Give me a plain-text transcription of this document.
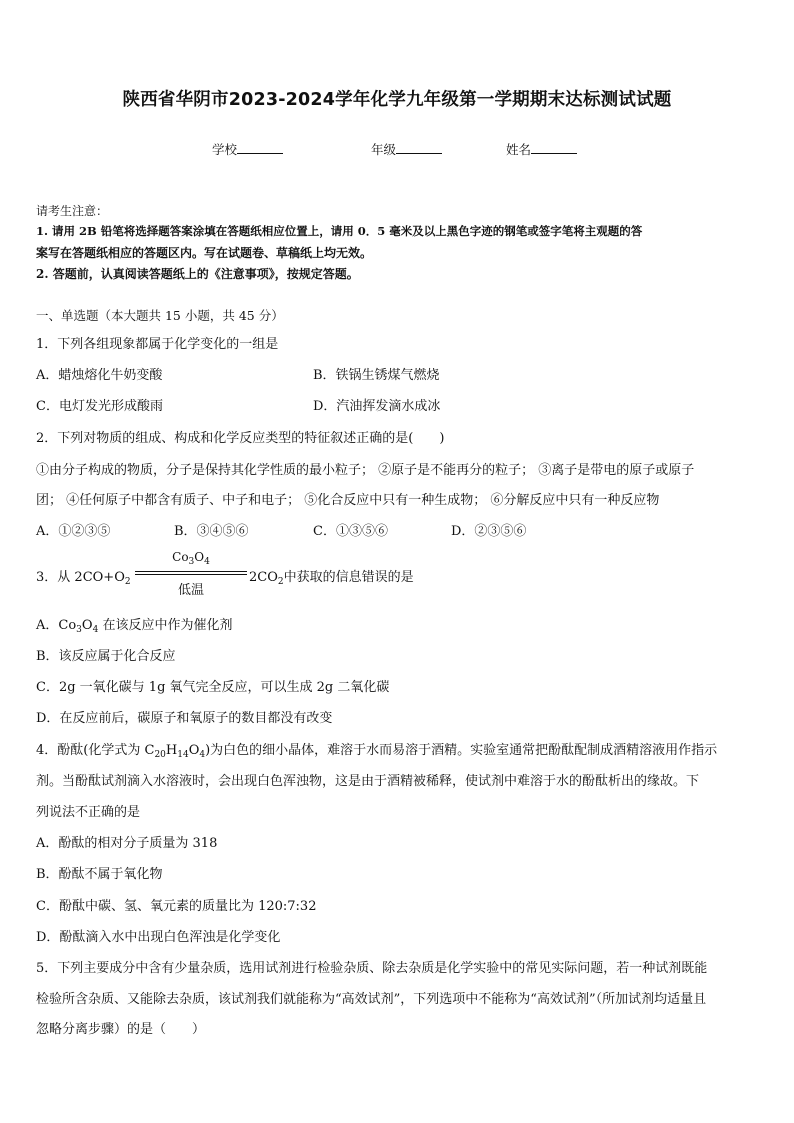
陕西省华阴市2023-2024学年化学九年级第一学期期末达标测试试题
学校	年级	姓名
请考生注意：
1. 请用 2B 铅笔将选择题答案涂填在答题纸相应位置上，请用 0．5 毫米及以上黑色字迹的钢笔或签字笔将主观题的答
案写在答题纸相应的答题区内。写在试题卷、草稿纸上均无效。
2. 答题前，认真阅读答题纸上的《注意事项》，按规定答题。
一、单选题（本大题共 15 小题，共 45 分）
1．下列各组现象都属于化学变化的一组是
A．蜡烛熔化牛奶变酸	B．铁锅生锈煤气燃烧
C．电灯发光形成酸雨	D．汽油挥发滴水成冰
2．下列对物质的组成、构成和化学反应类型的特征叙述正确的是(　　)
①由分子构成的物质，分子是保持其化学性质的最小粒子； ②原子是不能再分的粒子； ③离子是带电的原子或原子
团； ④任何原子中都含有质子、中子和电子； ⑤化合反应中只有一种生成物； ⑥分解反应中只有一种反应物
A．①②③⑤	B．③④⑤⑥	C．①③⑤⑥	D．②③⑤⑥
3．从 $2CO+O_2$
$Co_3O_4$
低温
$2CO_2$中获取的信息错误的是
A．$Co_3O_4$ 在该反应中作为催化剂
B．该反应属于化合反应
C．2g 一氧化碳与 1g 氧气完全反应，可以生成 2g 二氧化碳
D．在反应前后，碳原子和氧原子的数目都没有改变
4．酚酞(化学式为 $C_{20}H_{14}O_4$)为白色的细小晶体，难溶于水而易溶于酒精。实验室通常把酚酞配制成酒精溶液用作指示
剂。当酚酞试剂滴入水溶液时，会出现白色浑浊物，这是由于酒精被稀释，使试剂中难溶于水的酚酞析出的缘故。下
列说法不正确的是
A．酚酞的相对分子质量为 318
B．酚酞不属于氧化物
C．酚酞中碳、氢、氧元素的质量比为 120:7:32
D．酚酞滴入水中出现白色浑浊是化学变化
5．下列主要成分中含有少量杂质，选用试剂进行检验杂质、除去杂质是化学实验中的常见实际问题，若一种试剂既能
检验所含杂质、又能除去杂质，该试剂我们就能称为“高效试剂”，下列选项中不能称为“高效试剂”（所加试剂均适量且
忽略分离步骤）的是（　　）
